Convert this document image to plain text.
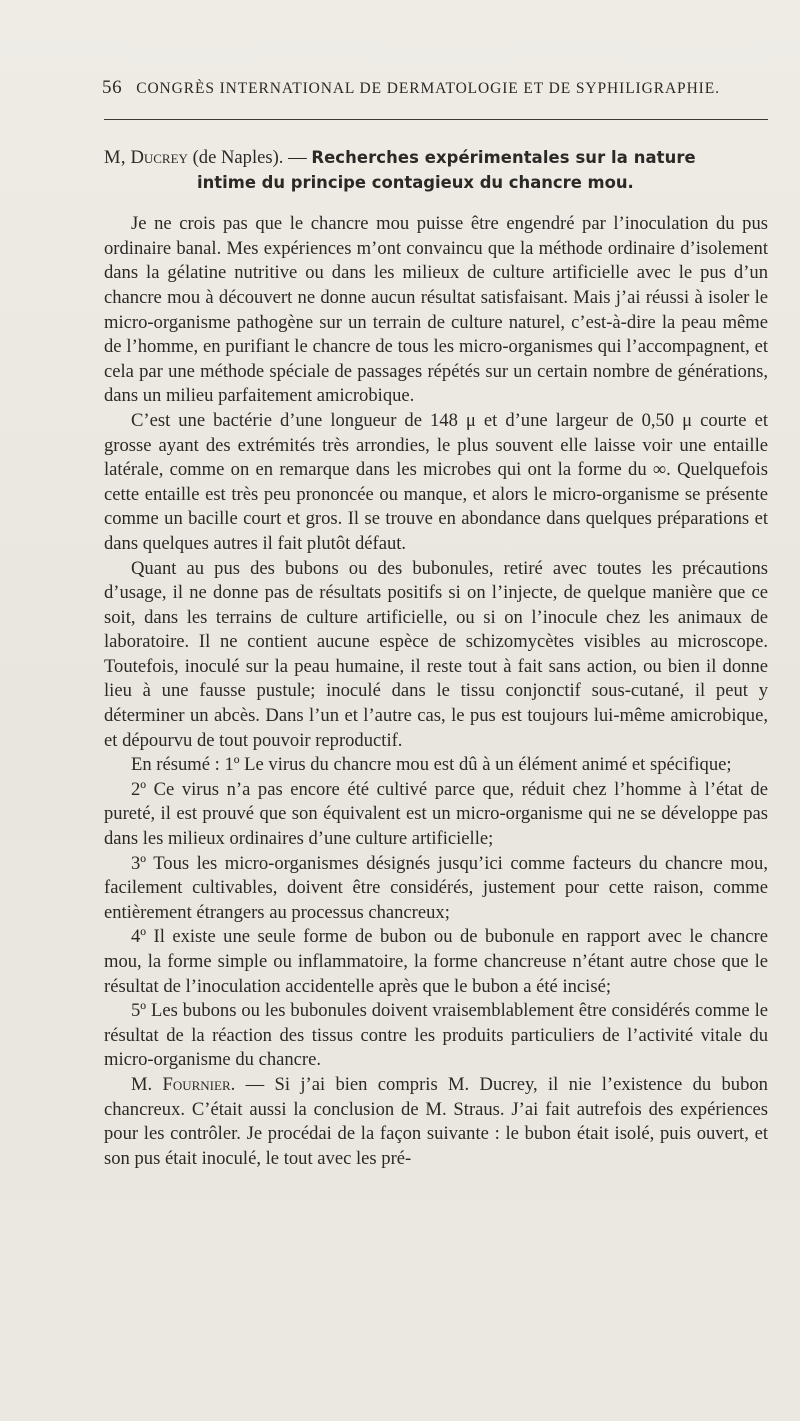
56 CONGRÈS INTERNATIONAL DE DERMATOLOGIE ET DE SYPHILIGRAPHIE.

M, Ducrey (de Naples). — Recherches expérimentales sur la nature
intime du principe contagieux du chancre mou.

Je ne crois pas que le chancre mou puisse être engendré par l’inoculation du pus ordinaire banal. Mes expériences m’ont convaincu que la méthode ordinaire d’isolement dans la gélatine nutritive ou dans les milieux de culture artificielle avec le pus d’un chancre mou à découvert ne donne aucun résultat satisfaisant. Mais j’ai réussi à isoler le micro-organisme pathogène sur un terrain de culture naturel, c’est-à-dire la peau même de l’homme, en purifiant le chancre de tous les micro-organismes qui l’accompagnent, et cela par une méthode spéciale de passages répétés sur un certain nombre de générations, dans un milieu parfaitement amicrobique.

C’est une bactérie d’une longueur de 148 μ et d’une largeur de 0,50 μ courte et grosse ayant des extrémités très arrondies, le plus souvent elle laisse voir une entaille latérale, comme on en remarque dans les microbes qui ont la forme du ∞. Quelquefois cette entaille est très peu prononcée ou manque, et alors le micro-organisme se présente comme un bacille court et gros. Il se trouve en abondance dans quelques préparations et dans quelques autres il fait plutôt défaut.

Quant au pus des bubons ou des bubonules, retiré avec toutes les précautions d’usage, il ne donne pas de résultats positifs si on l’injecte, de quelque manière que ce soit, dans les terrains de culture artificielle, ou si on l’inocule chez les animaux de laboratoire. Il ne contient aucune espèce de schizomycètes visibles au microscope. Toutefois, inoculé sur la peau humaine, il reste tout à fait sans action, ou bien il donne lieu à une fausse pustule; inoculé dans le tissu conjonctif sous-cutané, il peut y déterminer un abcès. Dans l’un et l’autre cas, le pus est toujours lui-même amicrobique, et dépourvu de tout pouvoir reproductif.

En résumé : 1º Le virus du chancre mou est dû à un élément animé et spécifique;

2º Ce virus n’a pas encore été cultivé parce que, réduit chez l’homme à l’état de pureté, il est prouvé que son équivalent est un micro-organisme qui ne se développe pas dans les milieux ordinaires d’une culture artificielle;

3º Tous les micro-organismes désignés jusqu’ici comme facteurs du chancre mou, facilement cultivables, doivent être considérés, justement pour cette raison, comme entièrement étrangers au processus chancreux;

4º Il existe une seule forme de bubon ou de bubonule en rapport avec le chancre mou, la forme simple ou inflammatoire, la forme chancreuse n’étant autre chose que le résultat de l’inoculation accidentelle après que le bubon a été incisé;

5º Les bubons ou les bubonules doivent vraisemblablement être considérés comme le résultat de la réaction des tissus contre les produits particuliers de l’activité vitale du micro-organisme du chancre.

M. Fournier. — Si j’ai bien compris M. Ducrey, il nie l’existence du bubon chancreux. C’était aussi la conclusion de M. Straus. J’ai fait autrefois des expériences pour les contrôler. Je procédai de la façon suivante : le bubon était isolé, puis ouvert, et son pus était inoculé, le tout avec les pré-
